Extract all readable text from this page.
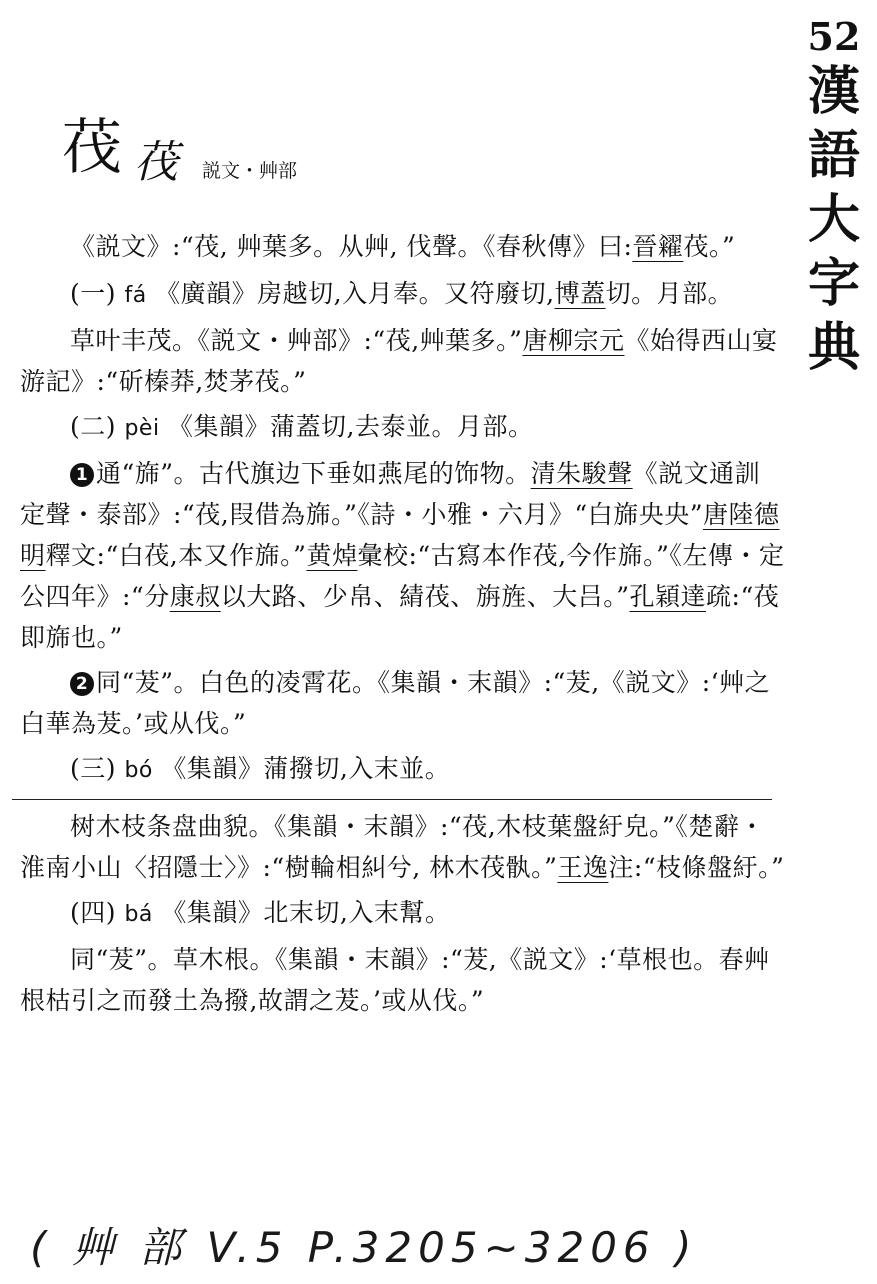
52
漢
語
大
字
典
茷 茷 説文・艸部

《説文》:“茷, 艸葉多。从艸, 伐聲。《春秋傳》曰:晉糴茷。”

(一) fá 《廣韻》房越切,入月奉。又符廢切,博蓋切。月部。

草叶丰茂。《説文・艸部》:“茷,艸葉多。”唐柳宗元《始得西山宴游記》:“斫榛莽,焚茅茷。”

(二) pèi 《集韻》蒲蓋切,去泰並。月部。

1 通“旆”。古代旗边下垂如燕尾的饰物。清朱駿聲《説文通訓定聲・泰部》:“茷,叚借為旆。”《詩・小雅・六月》“白旆央央”唐陸德明釋文:“白茷,本又作旆。”黄焯彙校:“古寫本作茷,今作旆。”《左傳・定公四年》:“分康叔以大路、少帛、綪茷、旃旌、大吕。”孔穎達疏:“茷即旆也。”

2 同“茇”。白色的凌霄花。《集韻・末韻》:“茇,《説文》:‘艸之白華為茇。’或从伐。”

(三) bó 《集韻》蒲撥切,入末並。

树木枝条盘曲貌。《集韻・末韻》:“茷,木枝葉盤紆皃。”《楚辭・淮南小山〈招隱士〉》:“樹輪相糾兮, 林木茷骫。”王逸注:“枝條盤紆。”

(四) bá 《集韻》北末切,入末幫。

同“茇”。草木根。《集韻・末韻》:“茇,《説文》:‘草根也。春艸根枯引之而發土為撥,故謂之茇。’或从伐。”

( 艸 部 V.5 P.3205~3206 )
